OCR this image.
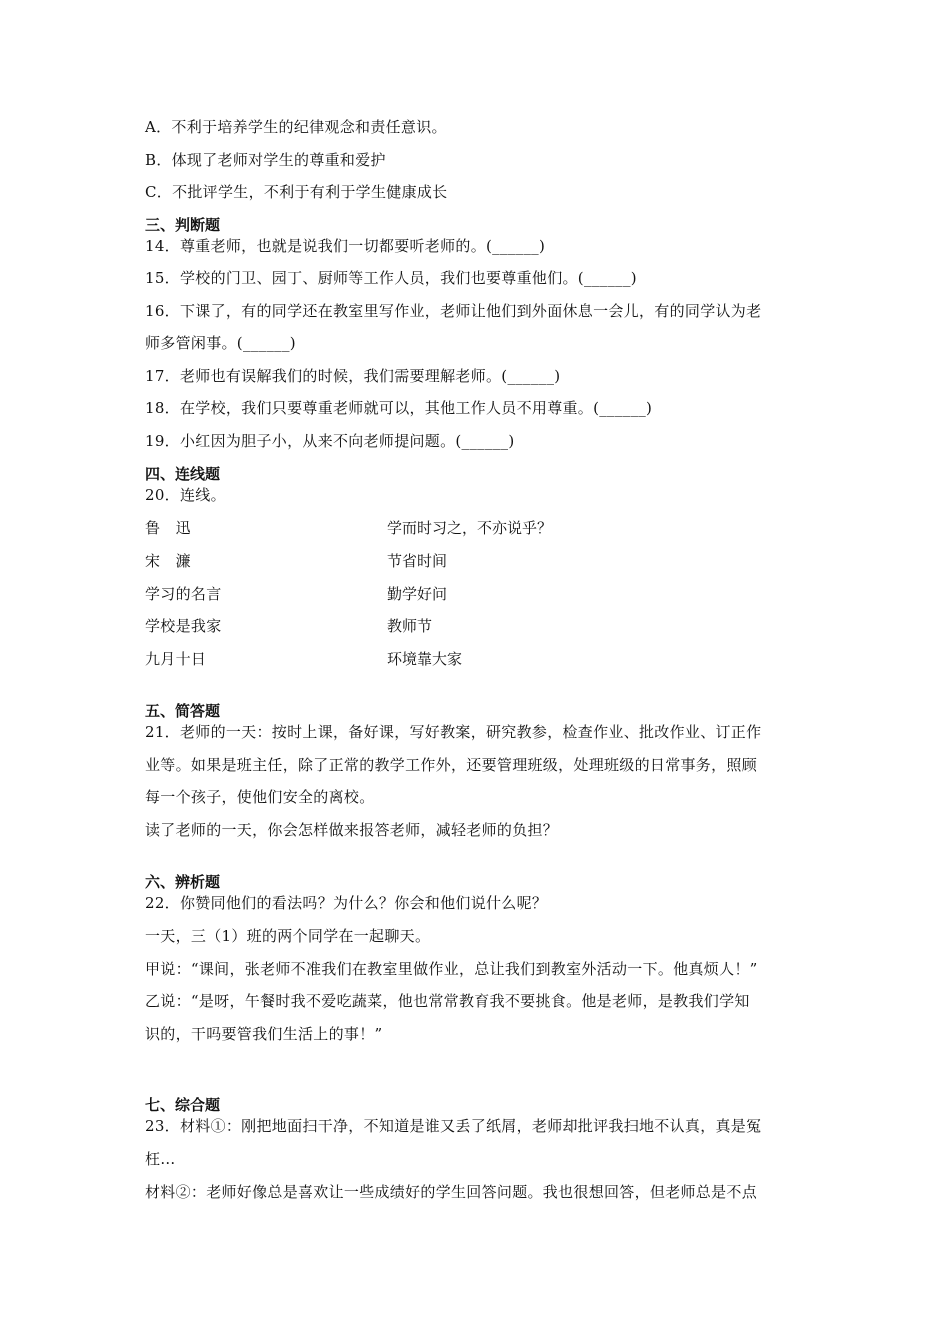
A．不利于培养学生的纪律观念和责任意识。
B．体现了老师对学生的尊重和爱护
C．不批评学生，不利于有利于学生健康成长
三、判断题
14．尊重老师，也就是说我们一切都要听老师的。(______)
15．学校的门卫、园丁、厨师等工作人员，我们也要尊重他们。(______)
16．下课了，有的同学还在教室里写作业，老师让他们到外面休息一会儿，有的同学认为老
师多管闲事。(______)
17．老师也有误解我们的时候，我们需要理解老师。(______)
18．在学校，我们只要尊重老师就可以，其他工作人员不用尊重。(______)
19．小红因为胆子小，从来不向老师提问题。(______)
四、连线题
20．连线。
鲁　迅	学而时习之，不亦说乎？
宋　濂	节省时间
学习的名言	勤学好问
学校是我家	教师节
九月十日	环境靠大家
五、简答题
21．老师的一天：按时上课，备好课，写好教案，研究教参，检查作业、批改作业、订正作
业等。如果是班主任，除了正常的教学工作外，还要管理班级，处理班级的日常事务，照顾
每一个孩子，使他们安全的离校。
读了老师的一天，你会怎样做来报答老师，减轻老师的负担？
六、辨析题
22．你赞同他们的看法吗？为什么？你会和他们说什么呢？
一天，三（1）班的两个同学在一起聊天。
甲说：“课间，张老师不准我们在教室里做作业，总让我们到教室外活动一下。他真烦人！”
乙说：“是呀，午餐时我不爱吃蔬菜，他也常常教育我不要挑食。他是老师，是教我们学知
识的，干吗要管我们生活上的事！”
七、综合题
23．材料①：刚把地面扫干净，不知道是谁又丢了纸屑，老师却批评我扫地不认真，真是冤
枉…
材料②：老师好像总是喜欢让一些成绩好的学生回答问题。我也很想回答，但老师总是不点
